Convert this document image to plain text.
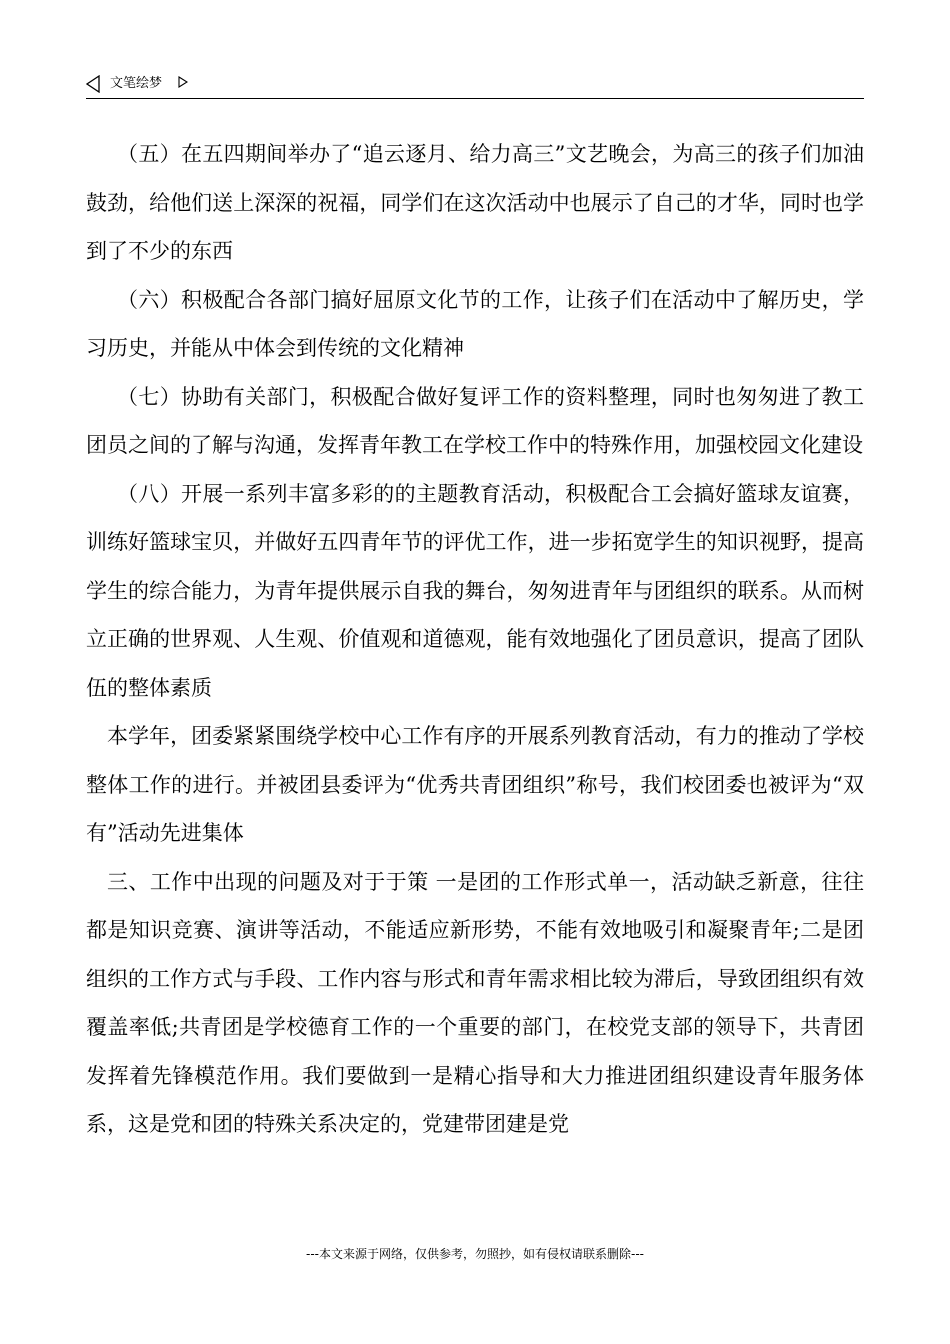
文笔绘梦

（五）在五四期间举办了“追云逐月、给力高三”文艺晚会，为高三的孩子们加油鼓劲，给他们送上深深的祝福，同学们在这次活动中也展示了自己的才华，同时也学到了不少的东西

（六）积极配合各部门搞好屈原文化节的工作，让孩子们在活动中了解历史，学习历史，并能从中体会到传统的文化精神

（七）协助有关部门，积极配合做好复评工作的资料整理，同时也匆匆进了教工团员之间的了解与沟通，发挥青年教工在学校工作中的特殊作用，加强校园文化建设

（八）开展一系列丰富多彩的的主题教育活动，积极配合工会搞好篮球友谊赛，训练好篮球宝贝，并做好五四青年节的评优工作，进一步拓宽学生的知识视野，提高学生的综合能力，为青年提供展示自我的舞台，匆匆进青年与团组织的联系。从而树立正确的世界观、人生观、价值观和道德观，能有效地强化了团员意识，提高了团队伍的整体素质

本学年，团委紧紧围绕学校中心工作有序的开展系列教育活动，有力的推动了学校整体工作的进行。并被团县委评为“优秀共青团组织”称号，我们校团委也被评为“双有”活动先进集体

三、工作中出现的问题及对于于策 一是团的工作形式单一，活动缺乏新意，往往都是知识竞赛、演讲等活动，不能适应新形势，不能有效地吸引和凝聚青年;二是团组织的工作方式与手段、工作内容与形式和青年需求相比较为滞后，导致团组织有效覆盖率低;共青团是学校德育工作的一个重要的部门，在校党支部的领导下，共青团发挥着先锋模范作用。我们要做到一是精心指导和大力推进团组织建设青年服务体系，这是党和团的特殊关系决定的，党建带团建是党

---本文来源于网络，仅供参考，勿照抄，如有侵权请联系删除---
